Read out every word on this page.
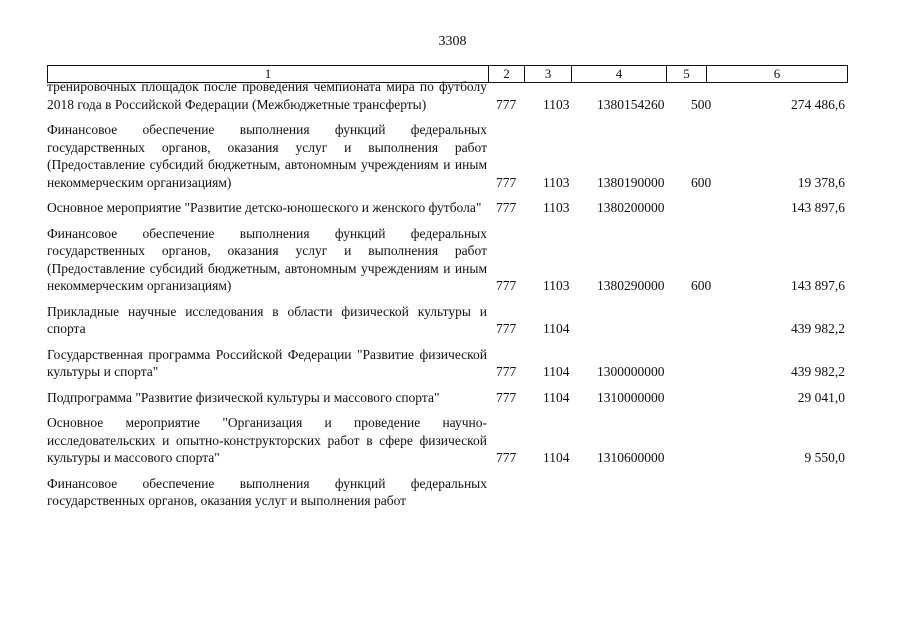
3308
1	2	3	4	5	6
тренировочных площадок после проведения чемпионата мира по футболу 2018 года в Российской Федерации (Межбюджетные трансферты)	777 1103 1380154260 500	274 486,6
Финансовое обеспечение выполнения функций федеральных государственных органов, оказания услуг и выполнения работ (Предоставление субсидий бюджетным, автономным учреждениям и иным некоммерческим организациям)	777 1103 1380190000 600	19 378,6
Основное мероприятие "Развитие детско-юношеского и женского футбола"	777 1103 1380200000	143 897,6
Финансовое обеспечение выполнения функций федеральных государственных органов, оказания услуг и выполнения работ (Предоставление субсидий бюджетным, автономным учреждениям и иным некоммерческим организациям)	777 1103 1380290000 600	143 897,6
Прикладные научные исследования в области физической культуры и спорта	777 1104	439 982,2
Государственная программа Российской Федерации "Развитие физической культуры и спорта"	777 1104 1300000000	439 982,2
Подпрограмма "Развитие физической культуры и массового спорта"	777 1104 1310000000	29 041,0
Основное мероприятие "Организация и проведение научно-исследовательских и опытно-конструкторских работ в сфере физической культуры и массового спорта"	777 1104 1310600000	9 550,0
Финансовое обеспечение выполнения функций федеральных государственных органов, оказания услуг и выполнения работ
